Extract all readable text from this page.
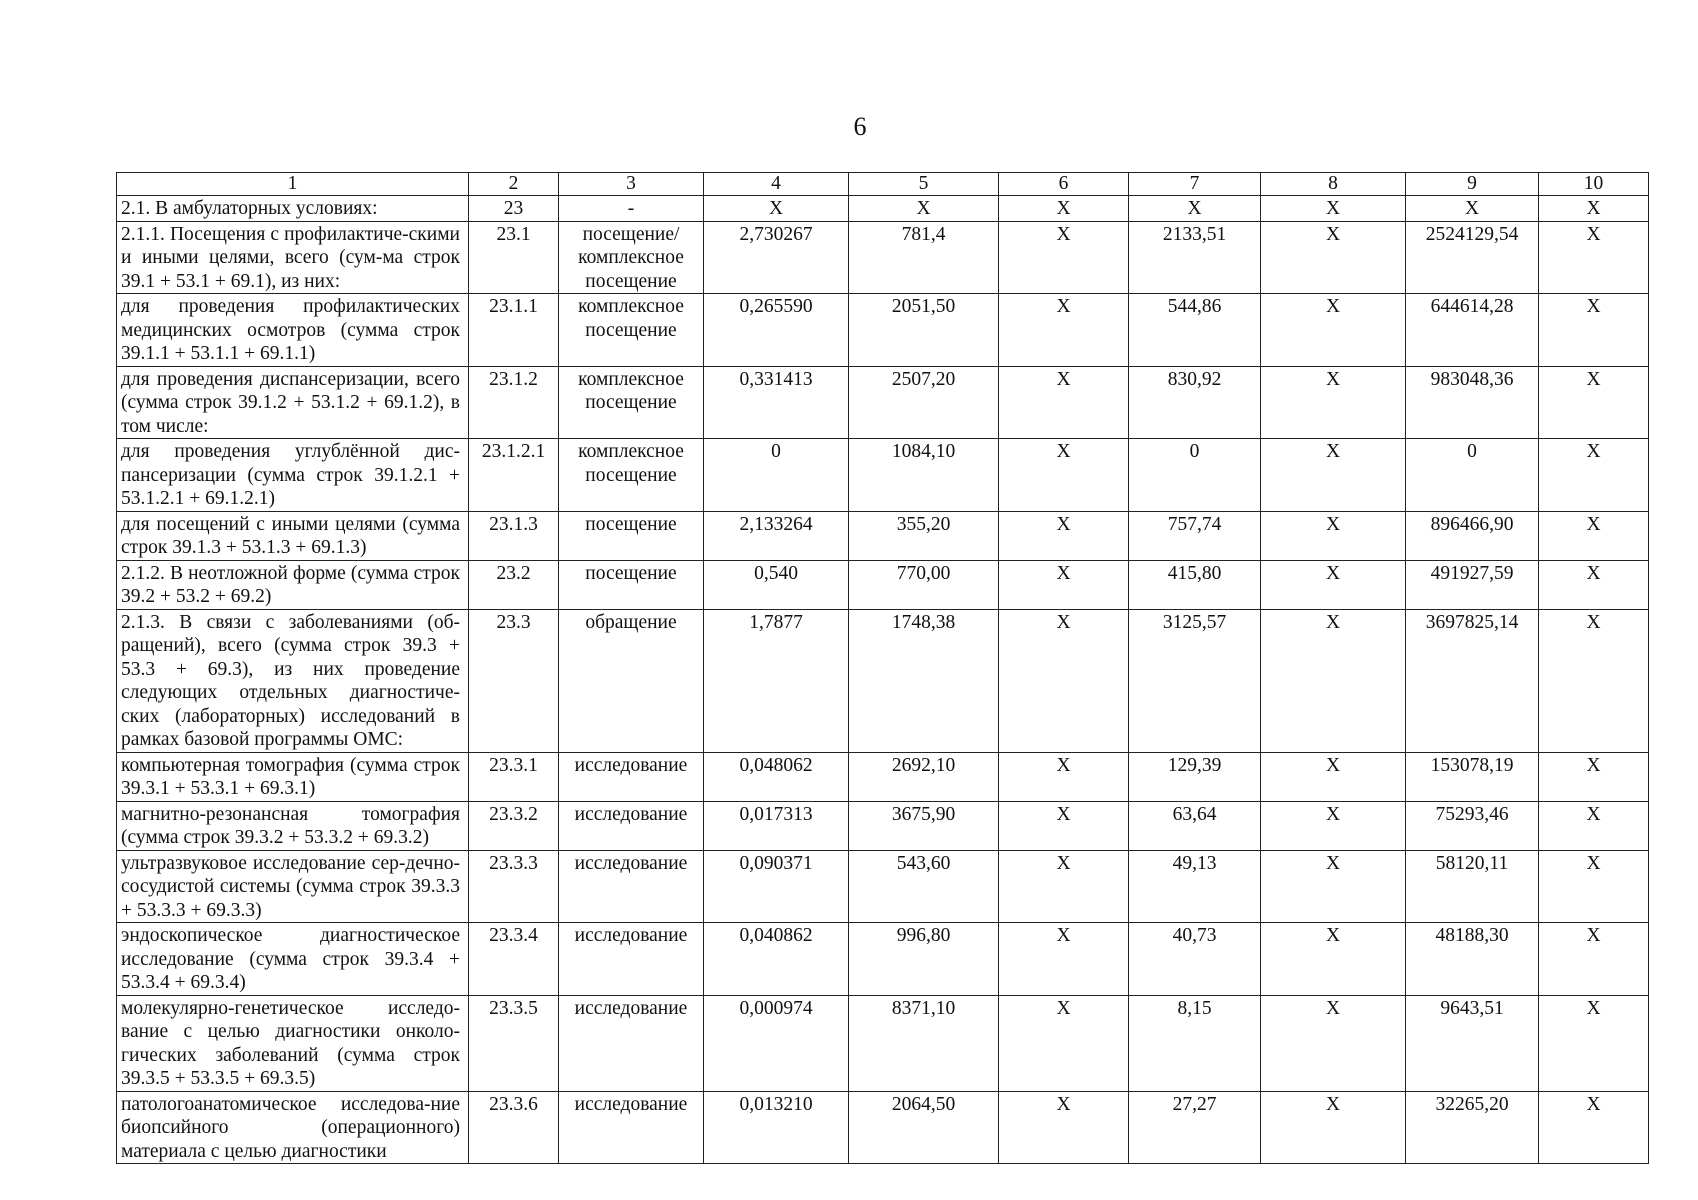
6
1	2	3	4	5	6	7	8	9	10
2.1. В амбулаторных условиях:	23	-	Х	Х	Х	Х	Х	Х	Х
2.1.1. Посещения с профилактиче-скими и иными целями, всего (сум-ма строк 39.1 + 53.1 + 69.1), из них:	23.1	посещение/ комплексное посещение	2,730267	781,4	Х	2133,51	Х	2524129,54	Х
для проведения профилактических медицинских осмотров (сумма строк 39.1.1 + 53.1.1 + 69.1.1)	23.1.1	комплексное посещение	0,265590	2051,50	Х	544,86	Х	644614,28	Х
для проведения диспансеризации, всего (сумма строк 39.1.2 + 53.1.2 + 69.1.2), в том числе:	23.1.2	комплексное посещение	0,331413	2507,20	Х	830,92	Х	983048,36	Х
для проведения углублённой дис-пансеризации (сумма строк 39.1.2.1 + 53.1.2.1 + 69.1.2.1)	23.1.2.1	комплексное посещение	0	1084,10	Х	0	Х	0	Х
для посещений с иными целями (сумма строк 39.1.3 + 53.1.3 + 69.1.3)	23.1.3	посещение	2,133264	355,20	Х	757,74	Х	896466,90	Х
2.1.2. В неотложной форме (сумма строк 39.2 + 53.2 + 69.2)	23.2	посещение	0,540	770,00	Х	415,80	Х	491927,59	Х
2.1.3. В связи с заболеваниями (об-ращений), всего (сумма строк 39.3 + 53.3 + 69.3), из них проведение следующих отдельных диагностиче-ских (лабораторных) исследований в рамках базовой программы ОМС:	23.3	обращение	1,7877	1748,38	Х	3125,57	Х	3697825,14	Х
компьютерная томография (сумма строк 39.3.1 + 53.3.1 + 69.3.1)	23.3.1	исследование	0,048062	2692,10	Х	129,39	Х	153078,19	Х
магнитно-резонансная томография (сумма строк 39.3.2 + 53.3.2 + 69.3.2)	23.3.2	исследование	0,017313	3675,90	Х	63,64	Х	75293,46	Х
ультразвуковое исследование сер-дечно-сосудистой системы (сумма строк 39.3.3 + 53.3.3 + 69.3.3)	23.3.3	исследование	0,090371	543,60	Х	49,13	Х	58120,11	Х
эндоскопическое диагностическое исследование (сумма строк 39.3.4 + 53.3.4 + 69.3.4)	23.3.4	исследование	0,040862	996,80	Х	40,73	Х	48188,30	Х
молекулярно-генетическое исследо-вание с целью диагностики онколо-гических заболеваний (сумма строк 39.3.5 + 53.3.5 + 69.3.5)	23.3.5	исследование	0,000974	8371,10	Х	8,15	Х	9643,51	Х
патологоанатомическое исследова-ние биопсийного (операционного) материала с целью диагностики	23.3.6	исследование	0,013210	2064,50	Х	27,27	Х	32265,20	Х
